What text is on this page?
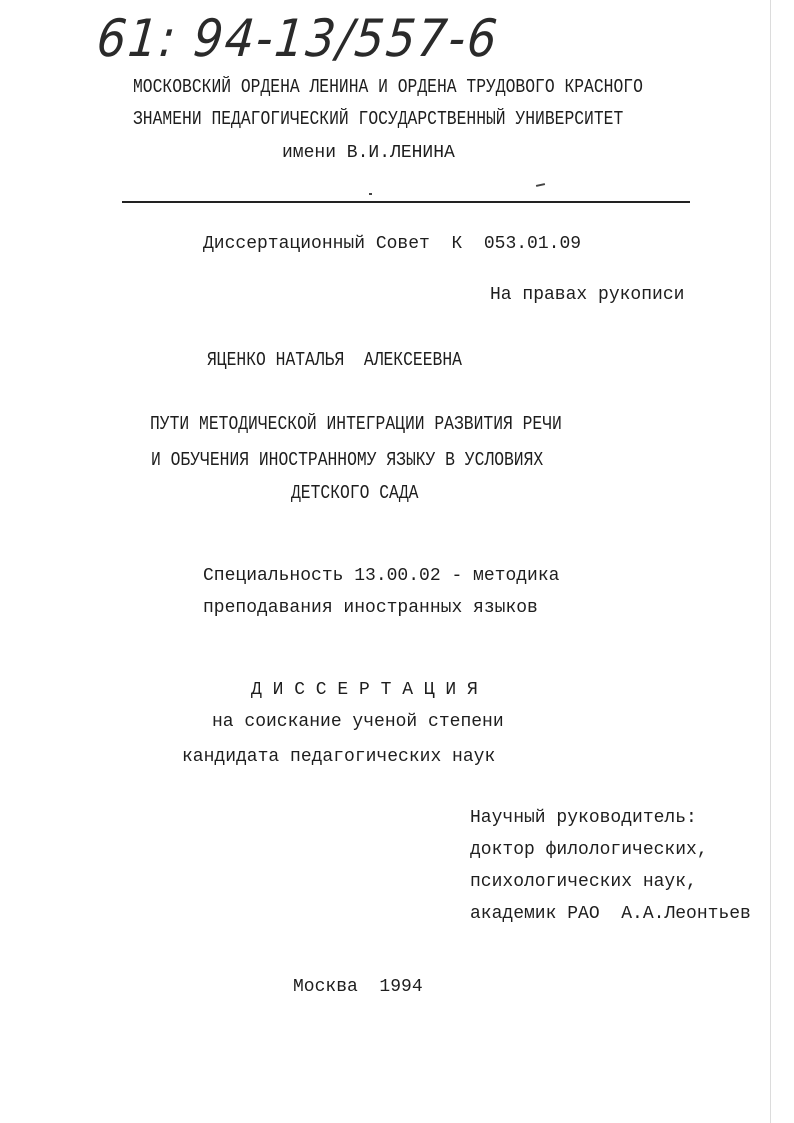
61: 94-13/557-6
МОСКОВСКИЙ ОРДЕНА ЛЕНИНА И ОРДЕНА ТРУДОВОГО КРАСНОГО
ЗНАМЕНИ ПЕДАГОГИЧЕСКИЙ ГОСУДАРСТВЕННЫЙ УНИВЕРСИТЕТ
имени В.И.ЛЕНИНА
Диссертационный Совет  К  053.01.09
На правах рукописи
ЯЦЕНКО НАТАЛЬЯ  АЛЕКСЕЕВНА
ПУТИ МЕТОДИЧЕСКОЙ ИНТЕГРАЦИИ РАЗВИТИЯ РЕЧИ
И ОБУЧЕНИЯ ИНОСТРАННОМУ ЯЗЫКУ В УСЛОВИЯХ
ДЕТСКОГО САДА
Специальность 13.00.02 - методика
преподавания иностранных языков
Д И С С Е Р Т А Ц И Я
на соискание ученой степени
кандидата педагогических наук
Научный руководитель:
доктор филологических,
психологических наук,
академик РАО  А.А.Леонтьев
Москва  1994
